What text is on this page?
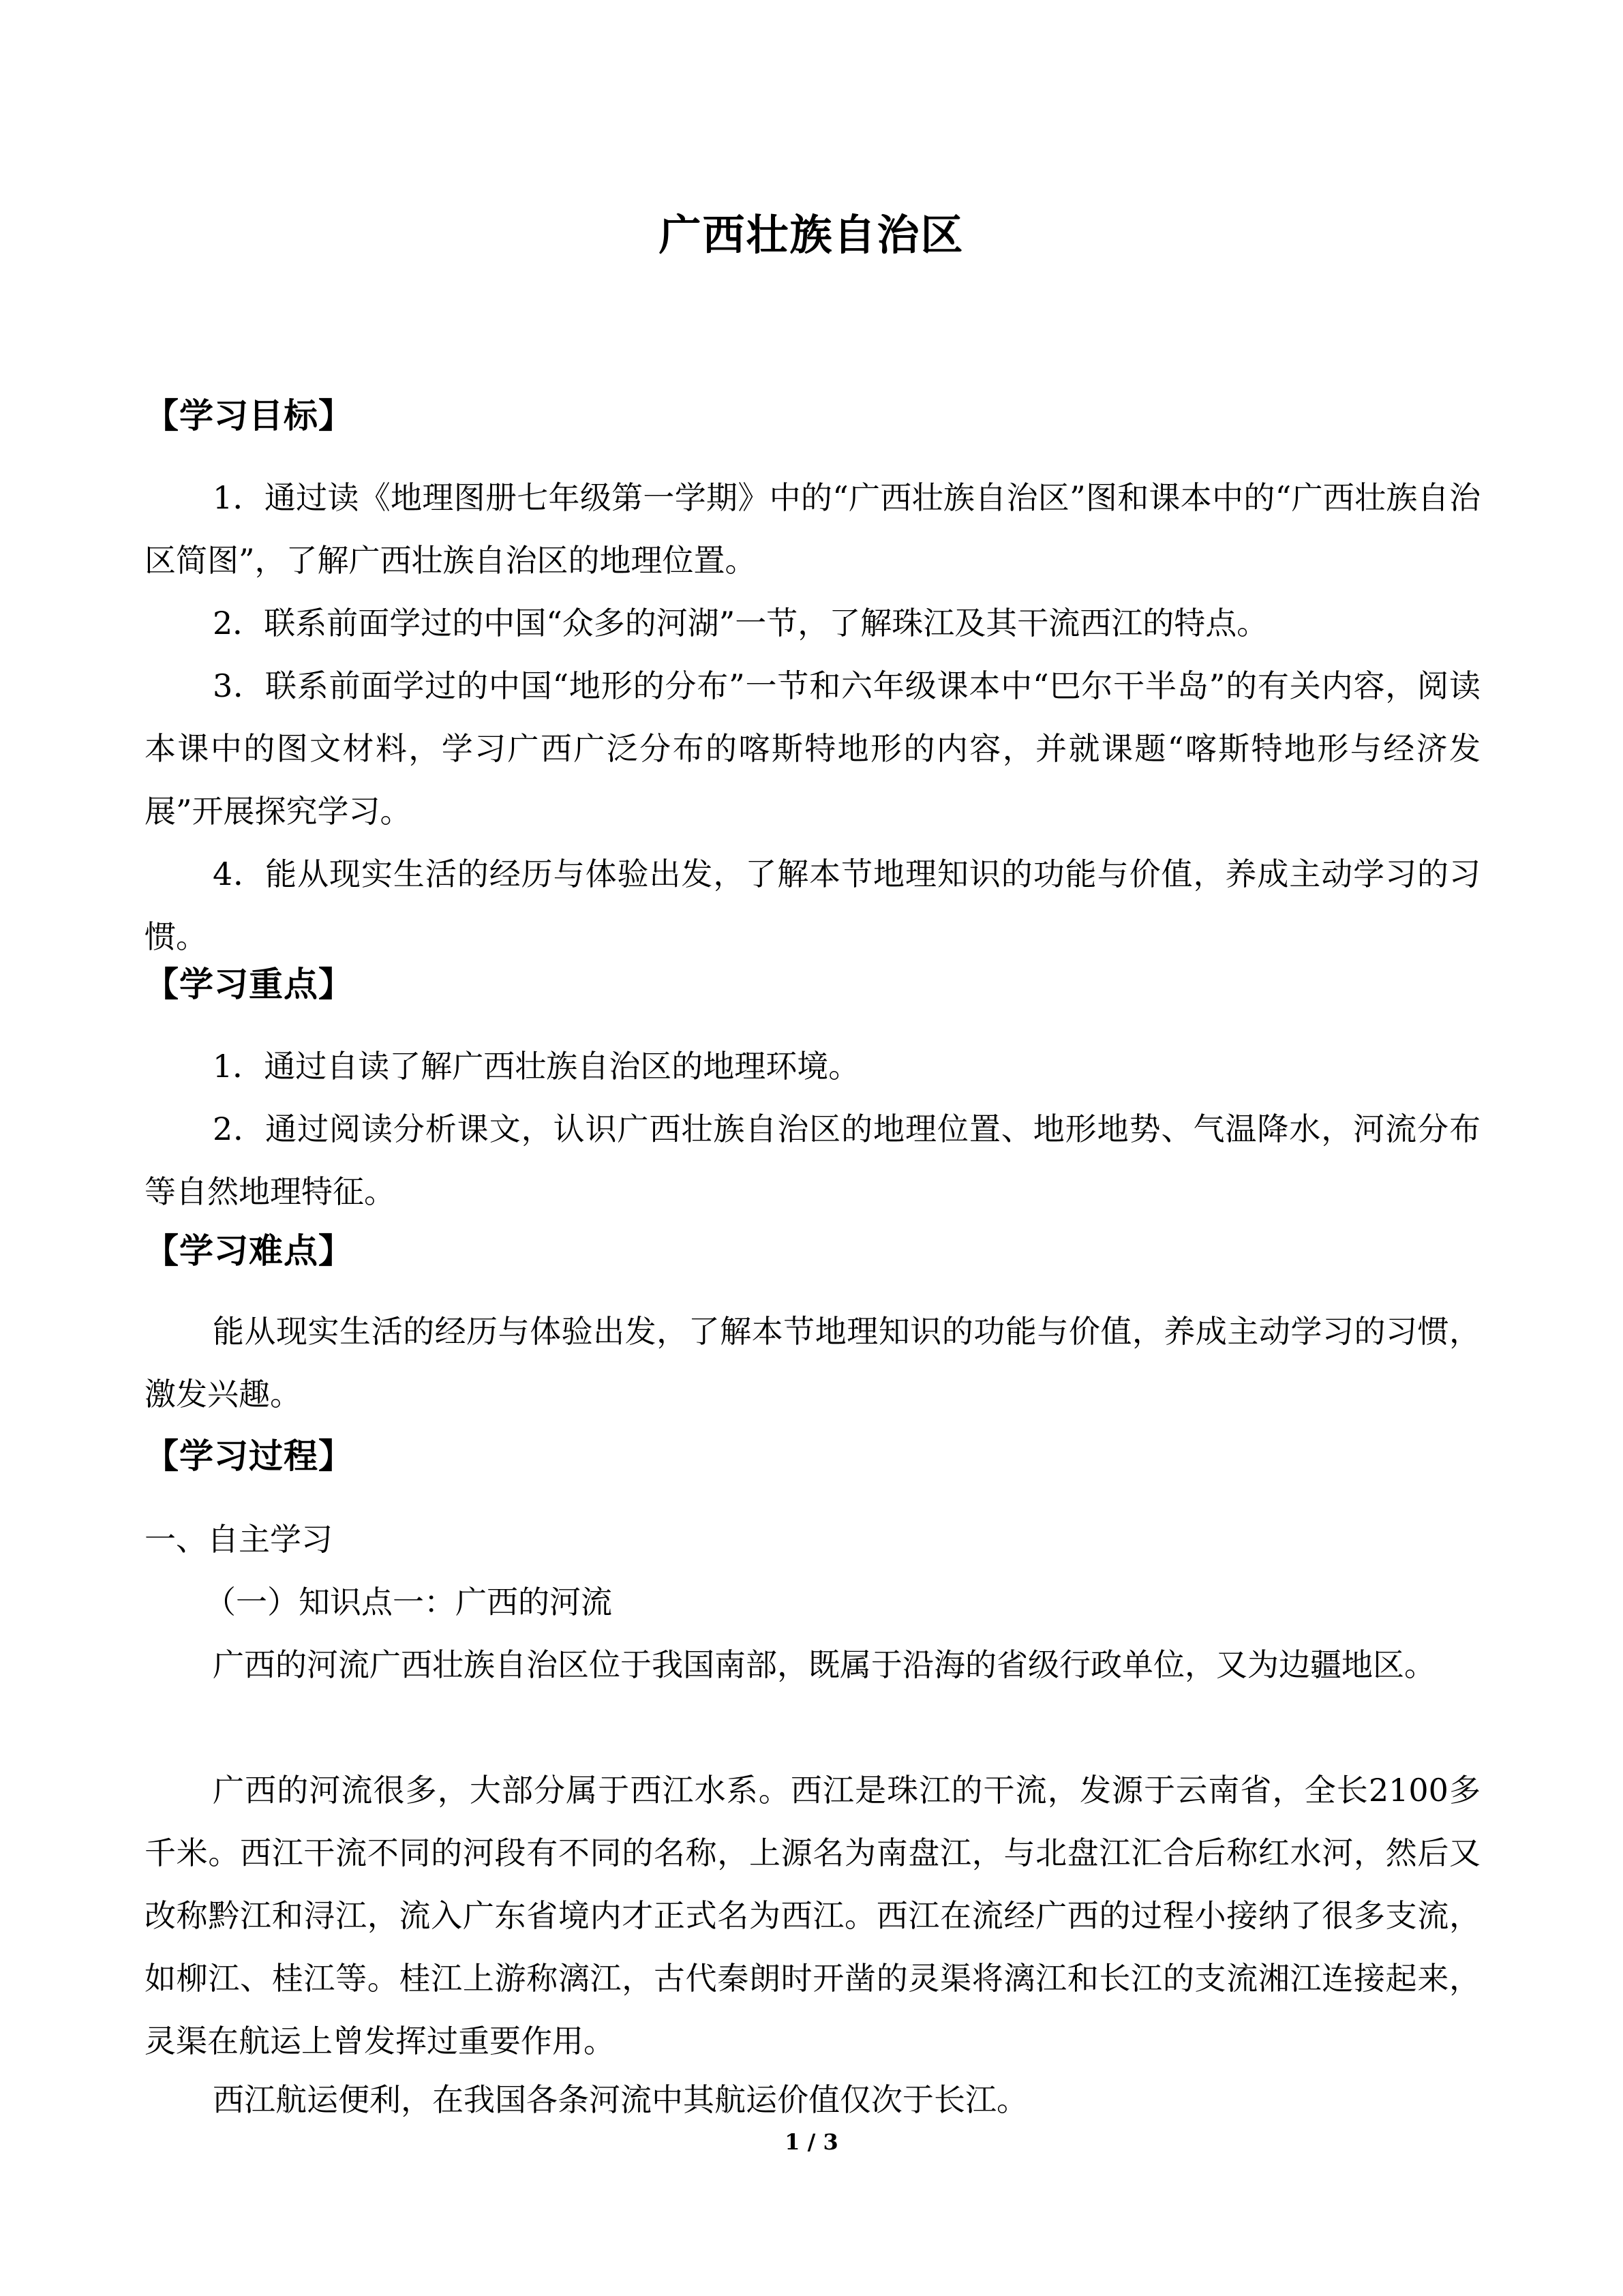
广西壮族自治区
【学习目标】

1．通过读《地理图册七年级第一学期》中的“广西壮族自治区”图和课本中的“广西壮族自治区简图”，了解广西壮族自治区的地理位置。

2．联系前面学过的中国“众多的河湖”一节，了解珠江及其干流西江的特点。

3．联系前面学过的中国“地形的分布”一节和六年级课本中“巴尔干半岛”的有关内容，阅读本课中的图文材料，学习广西广泛分布的喀斯特地形的内容，并就课题“喀斯特地形与经济发展”开展探究学习。

4．能从现实生活的经历与体验出发，了解本节地理知识的功能与价值，养成主动学习的习惯。

【学习重点】

1．通过自读了解广西壮族自治区的地理环境。

2．通过阅读分析课文，认识广西壮族自治区的地理位置、地形地势、气温降水，河流分布等自然地理特征。

【学习难点】

能从现实生活的经历与体验出发，了解本节地理知识的功能与价值，养成主动学习的习惯，激发兴趣。

【学习过程】
一、自主学习
（一）知识点一：广西的河流

广西的河流广西壮族自治区位于我国南部，既属于沿海的省级行政单位，又为边疆地区。

广西的河流很多，大部分属于西江水系。西江是珠江的干流，发源于云南省，全长2100多千米。西江干流不同的河段有不同的名称，上源名为南盘江，与北盘江汇合后称红水河，然后又改称黔江和浔江，流入广东省境内才正式名为西江。西江在流经广西的过程小接纳了很多支流，如柳江、桂江等。桂江上游称漓江，古代秦朗时开凿的灵渠将漓江和长江的支流湘江连接起来，灵渠在航运上曾发挥过重要作用。

西江航运便利，在我国各条河流中其航运价值仅次于长江。

1 / 3
